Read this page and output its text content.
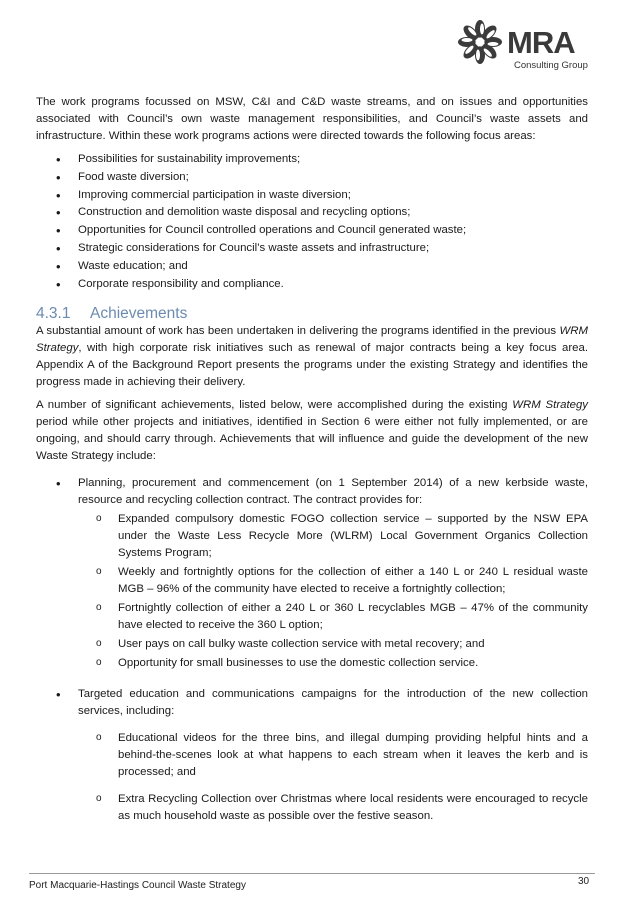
MRA
Consulting Group

The work programs focussed on MSW, C&I and C&D waste streams, and on issues and opportunities associated with Council’s own waste management responsibilities, and Council’s waste assets and infrastructure. Within these work programs actions were directed towards the following focus areas:

• Possibilities for sustainability improvements;
• Food waste diversion;
• Improving commercial participation in waste diversion;
• Construction and demolition waste disposal and recycling options;
• Opportunities for Council controlled operations and Council generated waste;
• Strategic considerations for Council’s waste assets and infrastructure;
• Waste education; and
• Corporate responsibility and compliance.
4.3.1 Achievements

A substantial amount of work has been undertaken in delivering the programs identified in the previous WRM Strategy, with high corporate risk initiatives such as renewal of major contracts being a key focus area. Appendix A of the Background Report presents the programs under the existing Strategy and identifies the progress made in achieving their delivery.

A number of significant achievements, listed below, were accomplished during the existing WRM Strategy period while other projects and initiatives, identified in Section 6 were either not fully implemented, or are ongoing, and should carry through. Achievements that will influence and guide the development of the new Waste Strategy include:

• Planning, procurement and commencement (on 1 September 2014) of a new kerbside waste, resource and recycling collection contract. The contract provides for:
o Expanded compulsory domestic FOGO collection service – supported by the NSW EPA under the Waste Less Recycle More (WLRM) Local Government Organics Collection Systems Program;
o Weekly and fortnightly options for the collection of either a 140 L or 240 L residual waste MGB – 96% of the community have elected to receive a fortnightly collection;
o Fortnightly collection of either a 240 L or 360 L recyclables MGB – 47% of the community have elected to receive the 360 L option;
o User pays on call bulky waste collection service with metal recovery; and
o Opportunity for small businesses to use the domestic collection service.
• Targeted education and communications campaigns for the introduction of the new collection services, including:
o Educational videos for the three bins, and illegal dumping providing helpful hints and a behind-the-scenes look at what happens to each stream when it leaves the kerb and is processed; and
o Extra Recycling Collection over Christmas where local residents were encouraged to recycle as much household waste as possible over the festive season.
Port Macquarie-Hastings Council Waste Strategy	30
